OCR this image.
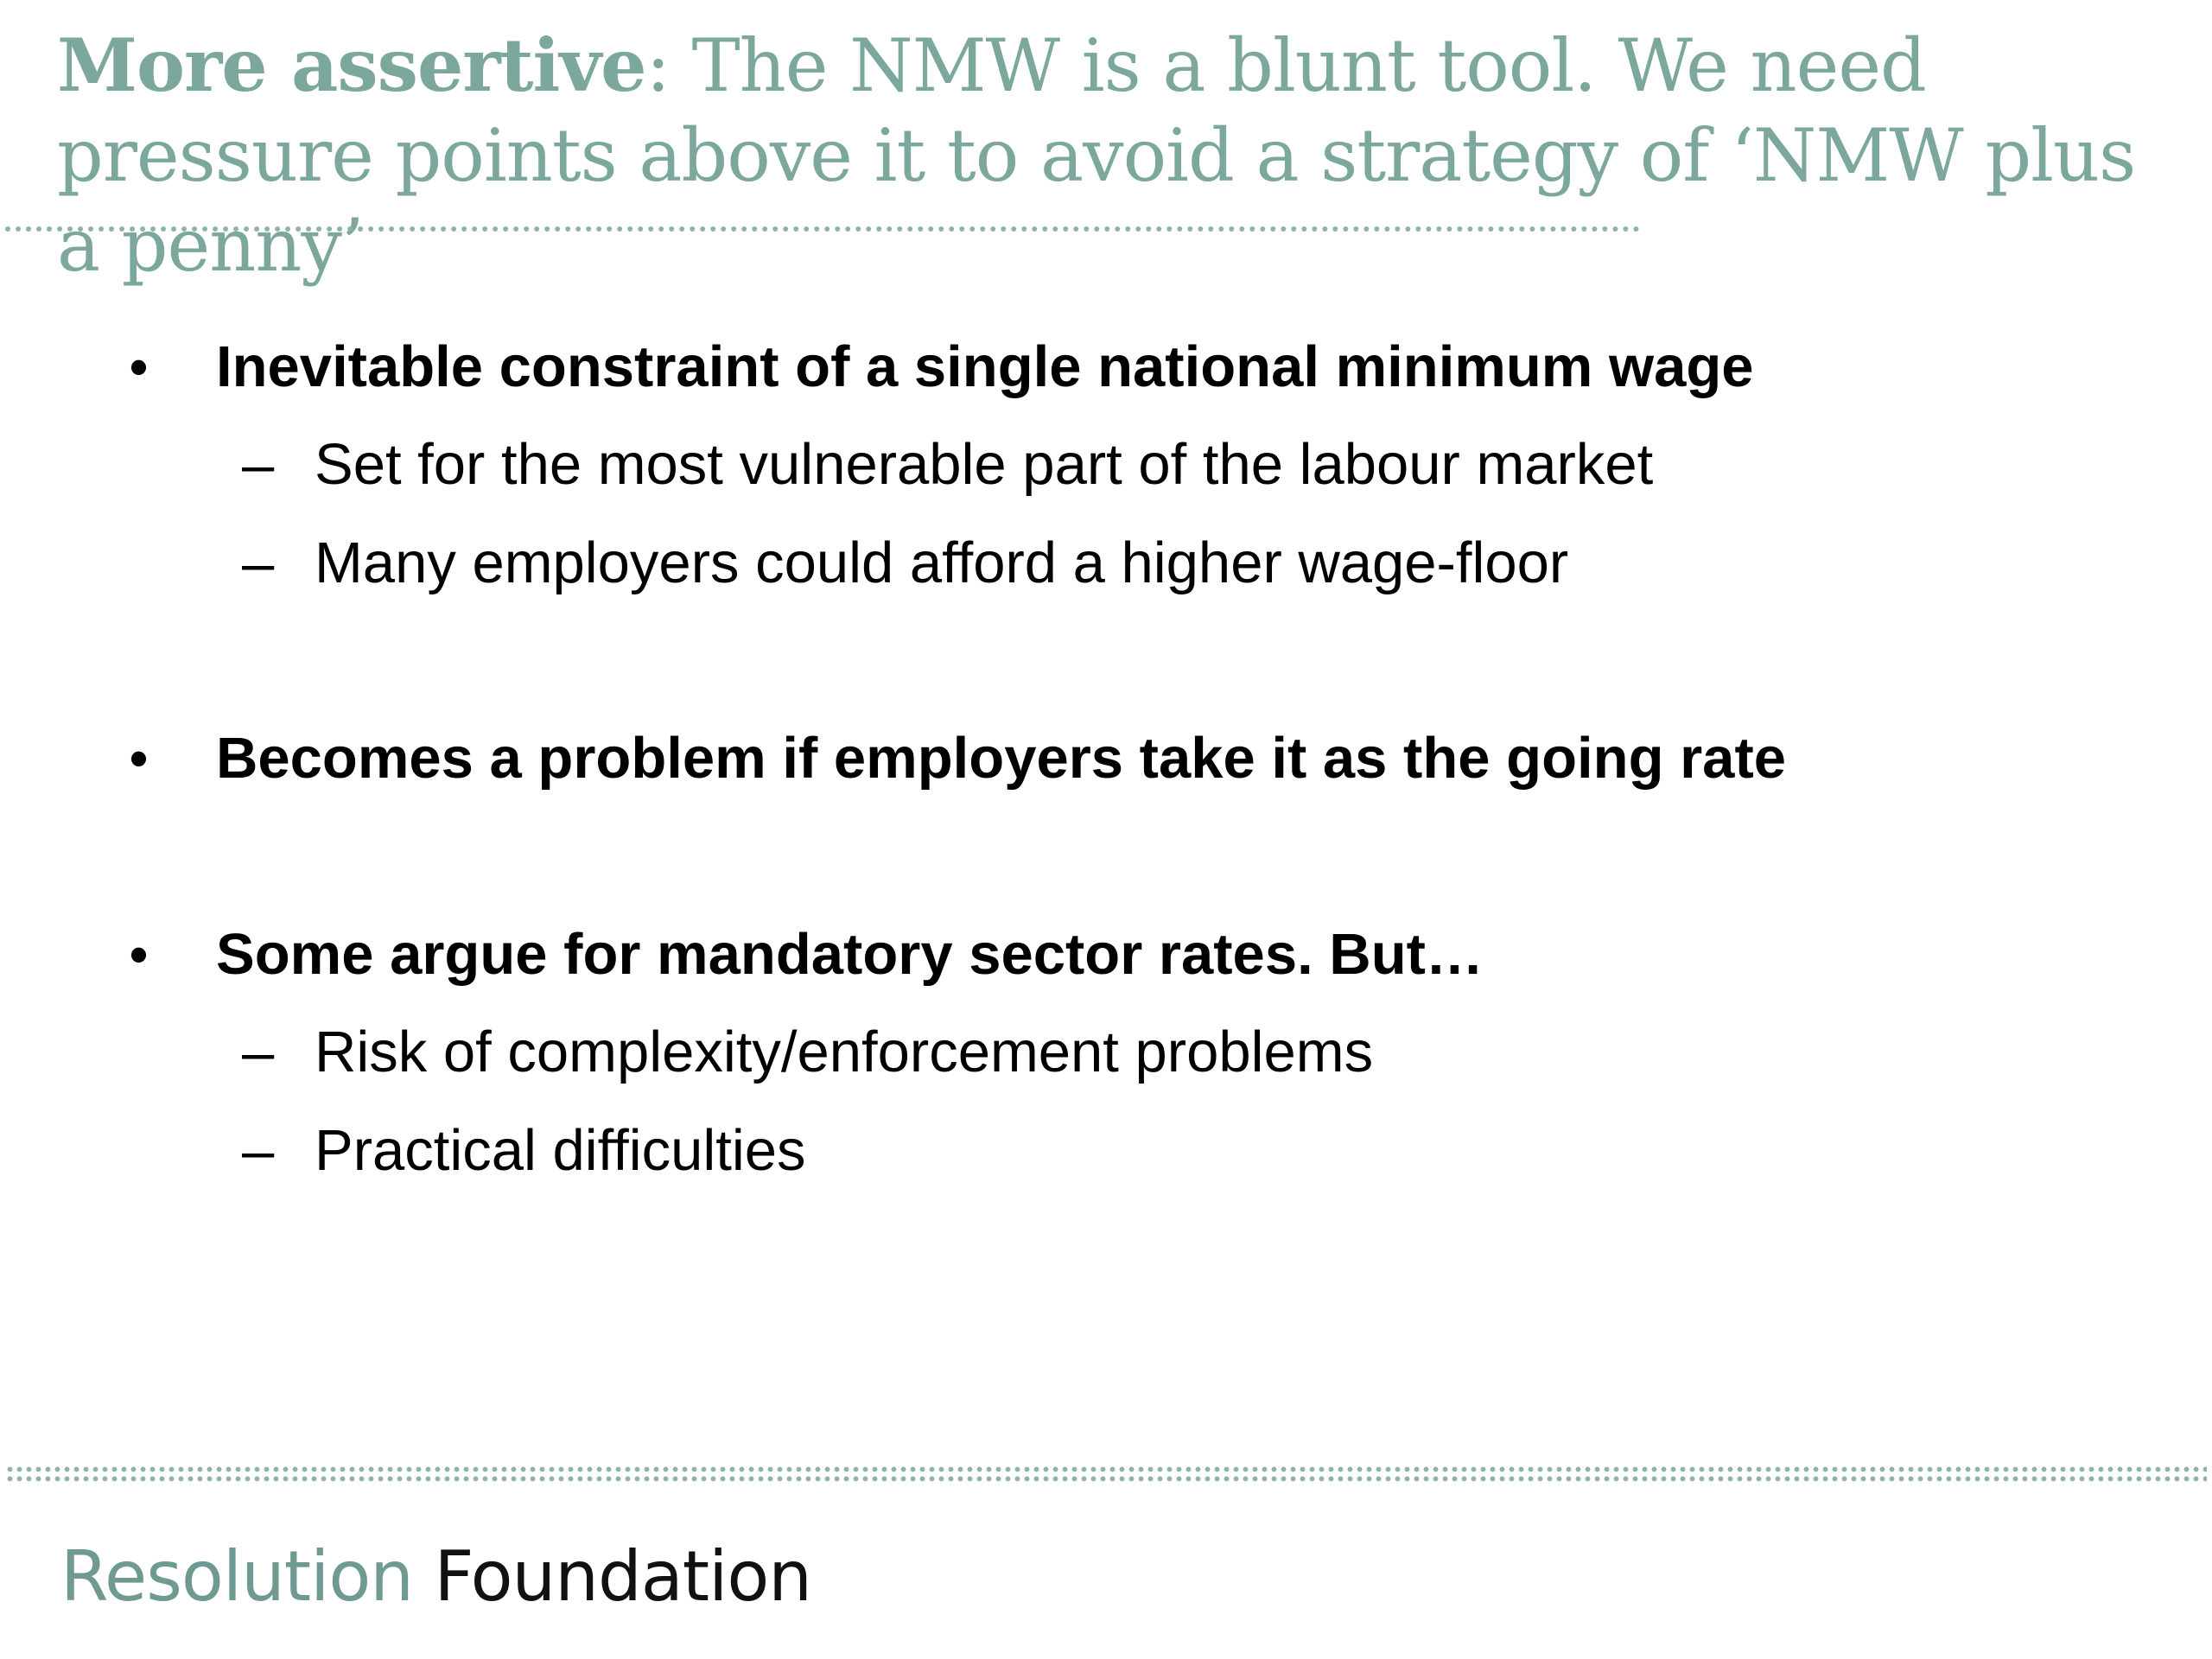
More assertive: The NMW is a blunt tool. We need pressure points above it to avoid a strategy of ‘NMW plus a penny’
• Inevitable constraint of a single national minimum wage
– Set for the most vulnerable part of the labour market
– Many employers could afford a higher wage-floor
• Becomes a problem if employers take it as the going rate
• Some argue for mandatory sector rates. But…
– Risk of complexity/enforcement problems
– Practical difficulties
Resolution Foundation
